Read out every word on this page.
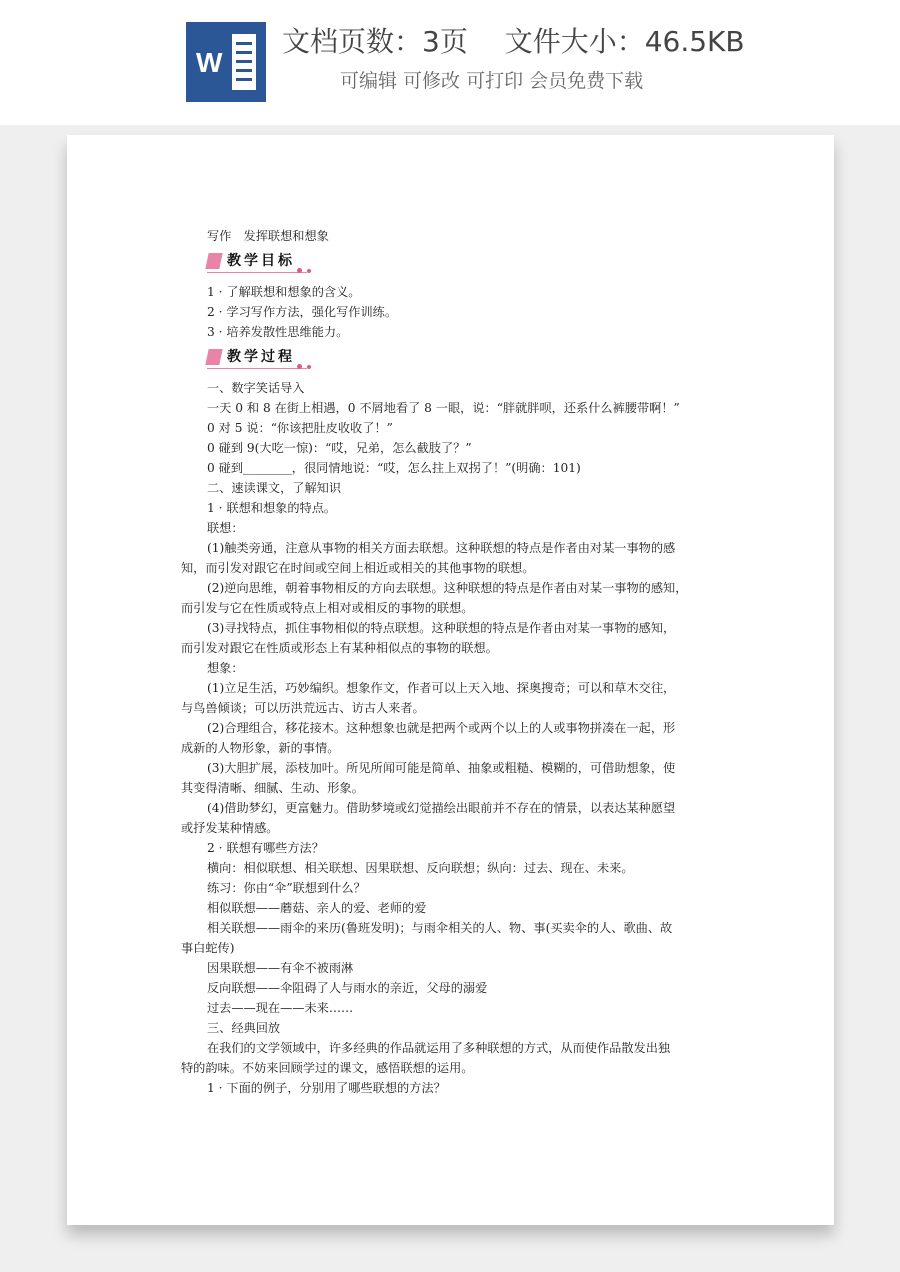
W
文档页数：3页　 文件大小：46.5KB
可编辑 可修改 可打印 会员免费下载

写作　发挥联想和想象

教学目标

1 · 了解联想和想象的含义。

2 · 学习写作方法，强化写作训练。

3 · 培养发散性思维能力。

教学过程

一、数字笑话导入

一天 0 和 8 在街上相遇，0 不屑地看了 8 一眼，说：“胖就胖呗，还系什么裤腰带啊！”

0 对 5 说：“你该把肚皮收收了！”

0 碰到 9(大吃一惊)：“哎，兄弟，怎么截肢了？”

0 碰到________，很同情地说：“哎，怎么拄上双拐了！”(明确：101)

二、速读课文，了解知识

1 · 联想和想象的特点。

联想：

(1)触类旁通，注意从事物的相关方面去联想。这种联想的特点是作者由对某一事物的感

知，而引发对跟它在时间或空间上相近或相关的其他事物的联想。

(2)逆向思维，朝着事物相反的方向去联想。这种联想的特点是作者由对某一事物的感知，

而引发与它在性质或特点上相对或相反的事物的联想。

(3)寻找特点，抓住事物相似的特点联想。这种联想的特点是作者由对某一事物的感知，

而引发对跟它在性质或形态上有某种相似点的事物的联想。

想象：

(1)立足生活，巧妙编织。想象作文，作者可以上天入地、探奥搜奇；可以和草木交往，

与鸟兽倾谈；可以历洪荒远古、访古人来者。

(2)合理组合，移花接木。这种想象也就是把两个或两个以上的人或事物拼凑在一起，形

成新的人物形象，新的事情。

(3)大胆扩展，添枝加叶。所见所闻可能是简单、抽象或粗糙、模糊的，可借助想象，使

其变得清晰、细腻、生动、形象。

(4)借助梦幻，更富魅力。借助梦境或幻觉描绘出眼前并不存在的情景，以表达某种愿望

或抒发某种情感。

2 · 联想有哪些方法？

横向：相似联想、相关联想、因果联想、反向联想；纵向：过去、现在、未来。

练习：你由“伞”联想到什么？

相似联想——蘑菇、亲人的爱、老师的爱

相关联想——雨伞的来历(鲁班发明)；与雨伞相关的人、物、事(买卖伞的人、歌曲、故

事白蛇传)

因果联想——有伞不被雨淋

反向联想——伞阻碍了人与雨水的亲近，父母的溺爱

过去——现在——未来……

三、经典回放

在我们的文学领域中，许多经典的作品就运用了多种联想的方式，从而使作品散发出独

特的韵味。不妨来回顾学过的课文，感悟联想的运用。

1 · 下面的例子，分别用了哪些联想的方法？
